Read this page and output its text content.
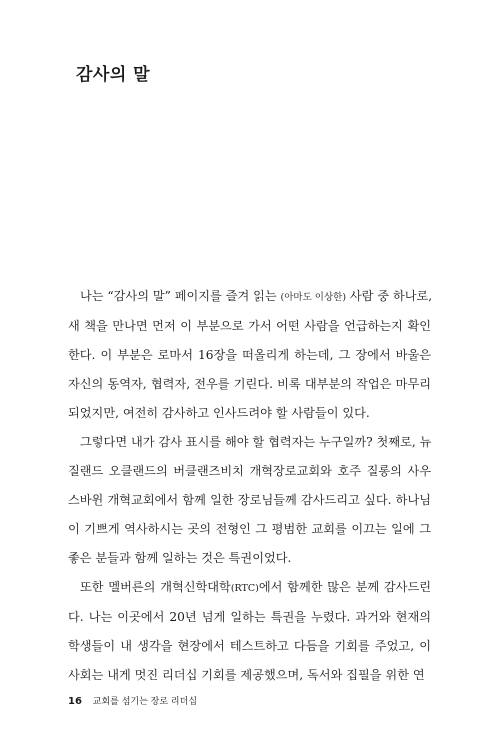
감사의 말
나는 “감사의 말” 페이지를 즐겨 읽는 (아마도 이상한) 사람 중 하나로,
새 책을 만나면 먼저 이 부분으로 가서 어떤 사람을 언급하는지 확인
한다. 이 부분은 로마서 16장을 떠올리게 하는데, 그 장에서 바울은
자신의 동역자, 협력자, 전우를 기린다. 비록 대부분의 작업은 마무리
되었지만, 여전히 감사하고 인사드려야 할 사람들이 있다.
그렇다면 내가 감사 표시를 해야 할 협력자는 누구일까? 첫째로, 뉴
질랜드 오클랜드의 버클랜즈비치 개혁장로교회와 호주 질롱의 사우
스바윈 개혁교회에서 함께 일한 장로님들께 감사드리고 싶다. 하나님
이 기쁘게 역사하시는 곳의 전형인 그 평범한 교회를 이끄는 일에 그
좋은 분들과 함께 일하는 것은 특권이었다.
또한 멜버른의 개혁신학대학(RTC)에서 함께한 많은 분께 감사드린
다. 나는 이곳에서 20년 넘게 일하는 특권을 누렸다. 과거와 현재의
학생들이 내 생각을 현장에서 테스트하고 다듬을 기회를 주었고, 이
사회는 내게 멋진 리더십 기회를 제공했으며, 독서와 집필을 위한 연
16 교회를 섬기는 장로 리더십
